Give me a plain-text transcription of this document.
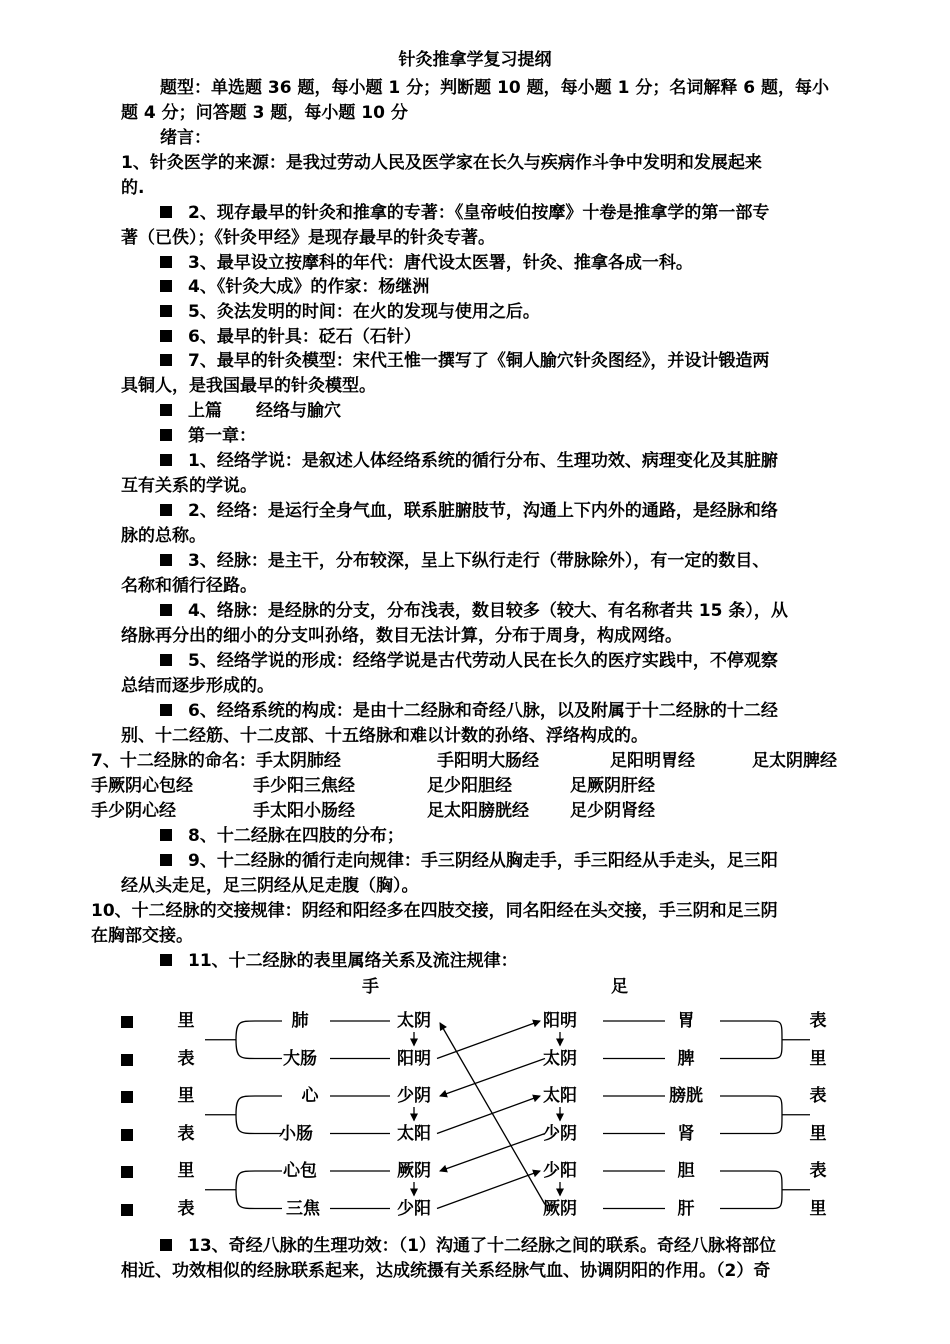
针灸推拿学复习提纲
题型：单选题 36 题，每小题 1 分；判断题 10 题，每小题 1 分；名词解释 6 题，每小
题 4 分；问答题 3 题，每小题 10 分
绪言：
1、针灸医学的来源：是我过劳动人民及医学家在长久与疾病作斗争中发明和发展起来
的.
2、现存最早的针灸和推拿的专著：《皇帝岐伯按摩》十卷是推拿学的第一部专
著（已佚）；《针灸甲经》是现存最早的针灸专著。
3、最早设立按摩科的年代：唐代设太医署，针灸、推拿各成一科。
4、《针灸大成》的作家：杨继洲
5、灸法发明的时间：在火的发现与使用之后。
6、最早的针具：砭石（石针）
7、最早的针灸模型：宋代王惟一撰写了《铜人腧穴针灸图经》，并设计锻造两
具铜人，是我国最早的针灸模型。
上篇　　经络与腧穴
第一章：
1、经络学说：是叙述人体经络系统的循行分布、生理功效、病理变化及其脏腑
互有关系的学说。
2、经络：是运行全身气血，联系脏腑肢节，沟通上下内外的通路，是经脉和络
脉的总称。
3、经脉：是主干，分布较深，呈上下纵行走行（带脉除外），有一定的数目、
名称和循行径路。
4、络脉：是经脉的分支，分布浅表，数目较多（较大、有名称者共 15 条），从
络脉再分出的细小的分支叫孙络，数目无法计算，分布于周身，构成网络。
5、经络学说的形成：经络学说是古代劳动人民在长久的医疗实践中，不停观察
总结而逐步形成的。
6、经络系统的构成：是由十二经脉和奇经八脉，以及附属于十二经脉的十二经
别、十二经筋、十二皮部、十五络脉和难以计数的孙络、浮络构成的。
7、十二经脉的命名：手太阴肺经	手阳明大肠经	足阳明胃经	足太阴脾经
手厥阴心包经	手少阳三焦经	足少阳胆经	足厥阴肝经
手少阴心经	手太阳小肠经	足太阳膀胱经 足少阴肾经
8、十二经脉在四肢的分布；
9、十二经脉的循行走向规律：手三阴经从胸走手，手三阳经从手走头，足三阳
经从头走足，足三阴经从足走腹（胸）。
10、十二经脉的交接规律：阴经和阳经多在四肢交接，同名阳经在头交接，手三阴和足三阴
在胸部交接。
11、十二经脉的表里属络关系及流注规律：
手	足
里	肺	太阴	阳明	胃	表
表	大肠	阳明	太阴	脾	里
里	心	少阴	太阳	膀胱	表
表	小肠	太阳	少阴	肾	里
里	心包	厥阴	少阳	胆	表
表	三焦	少阳	厥阴	肝	里
13、奇经八脉的生理功效：（1）沟通了十二经脉之间的联系。奇经八脉将部位
相近、功效相似的经脉联系起来，达成统摄有关系经脉气血、协调阴阳的作用。（2）奇
